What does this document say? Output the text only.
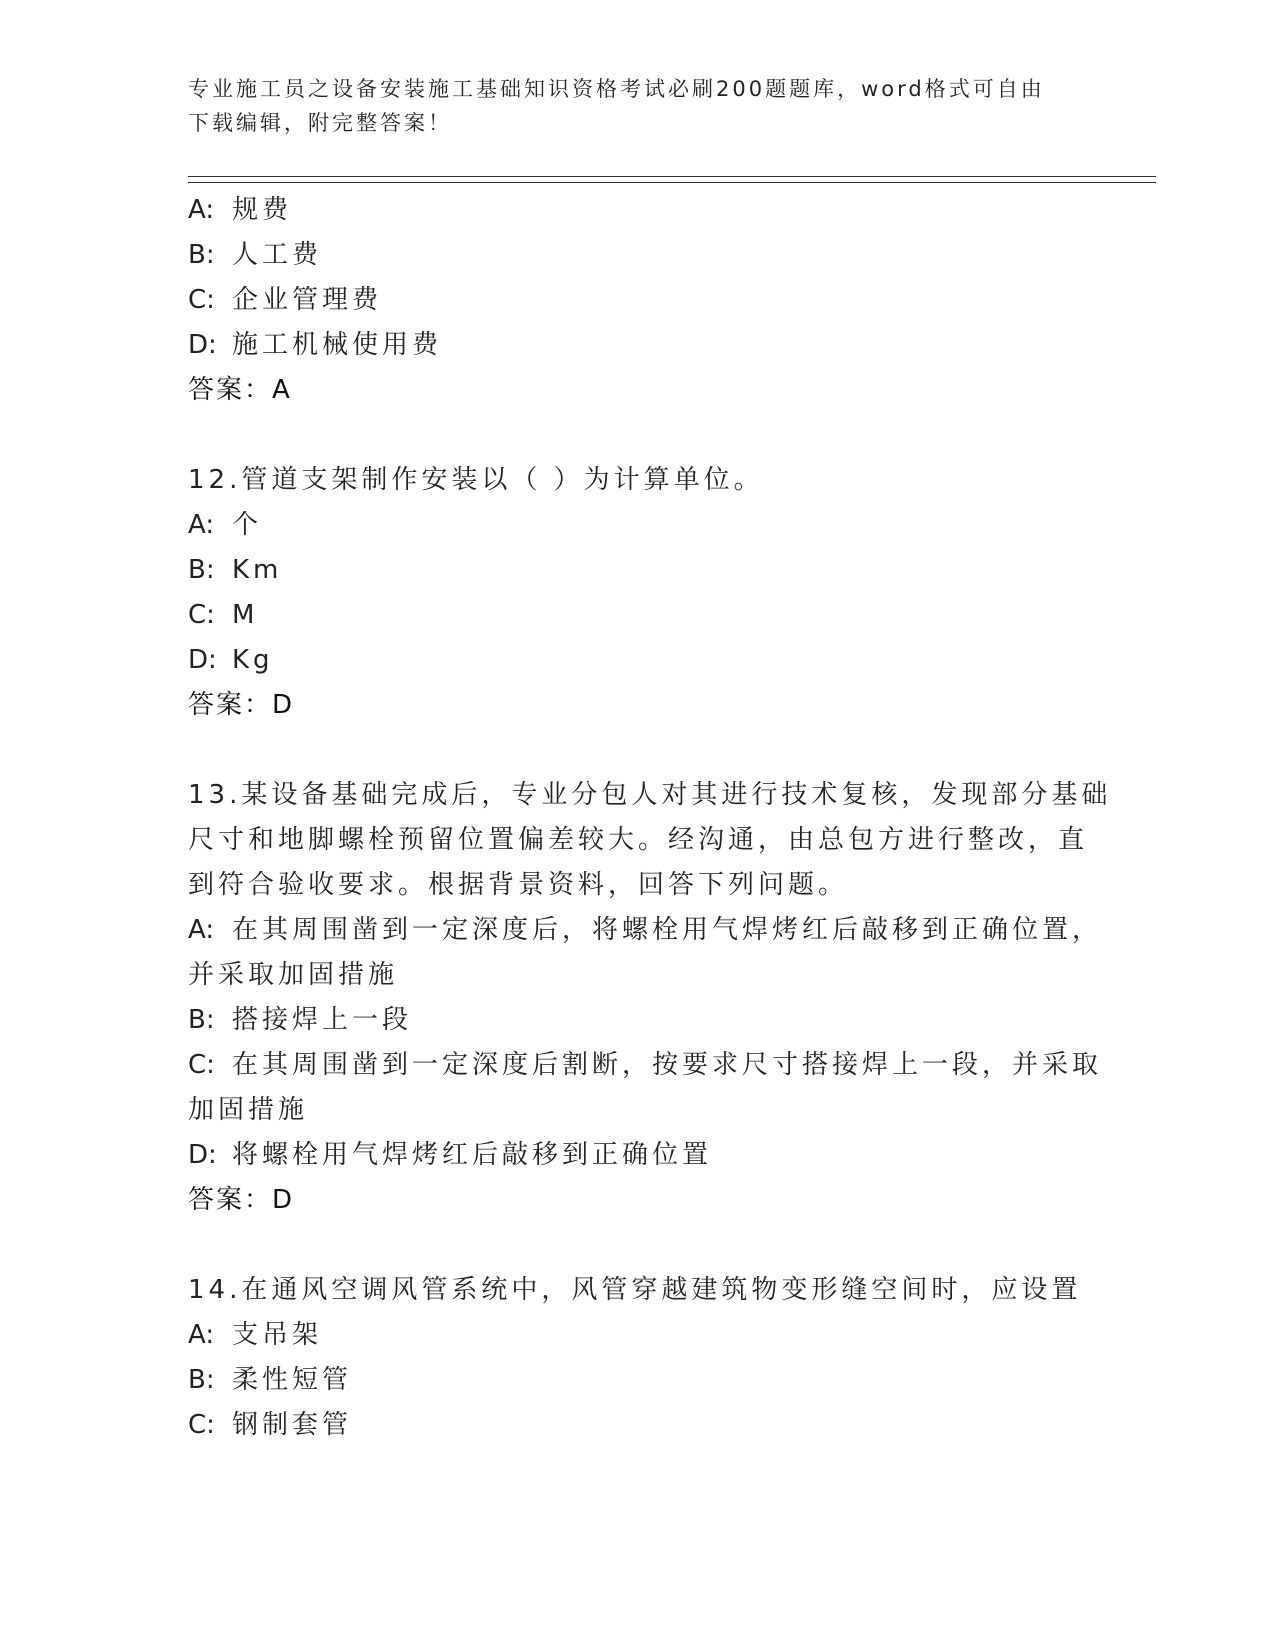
专业施工员之设备安装施工基础知识资格考试必刷200题题库，word格式可自由
下载编辑，附完整答案！
A: 规费
B: 人工费
C: 企业管理费
D: 施工机械使用费
答案：A
12.管道支架制作安装以（ ）为计算单位。
A: 个
B: Km
C: M
D: Kg
答案：D
13.某设备基础完成后，专业分包人对其进行技术复核，发现部分基础
尺寸和地脚螺栓预留位置偏差较大。经沟通，由总包方进行整改，直
到符合验收要求。根据背景资料，回答下列问题。
A: 在其周围凿到一定深度后，将螺栓用气焊烤红后敲移到正确位置，
并采取加固措施
B: 搭接焊上一段
C: 在其周围凿到一定深度后割断，按要求尺寸搭接焊上一段，并采取
加固措施
D: 将螺栓用气焊烤红后敲移到正确位置
答案：D
14.在通风空调风管系统中，风管穿越建筑物变形缝空间时，应设置
A: 支吊架
B: 柔性短管
C: 钢制套管
